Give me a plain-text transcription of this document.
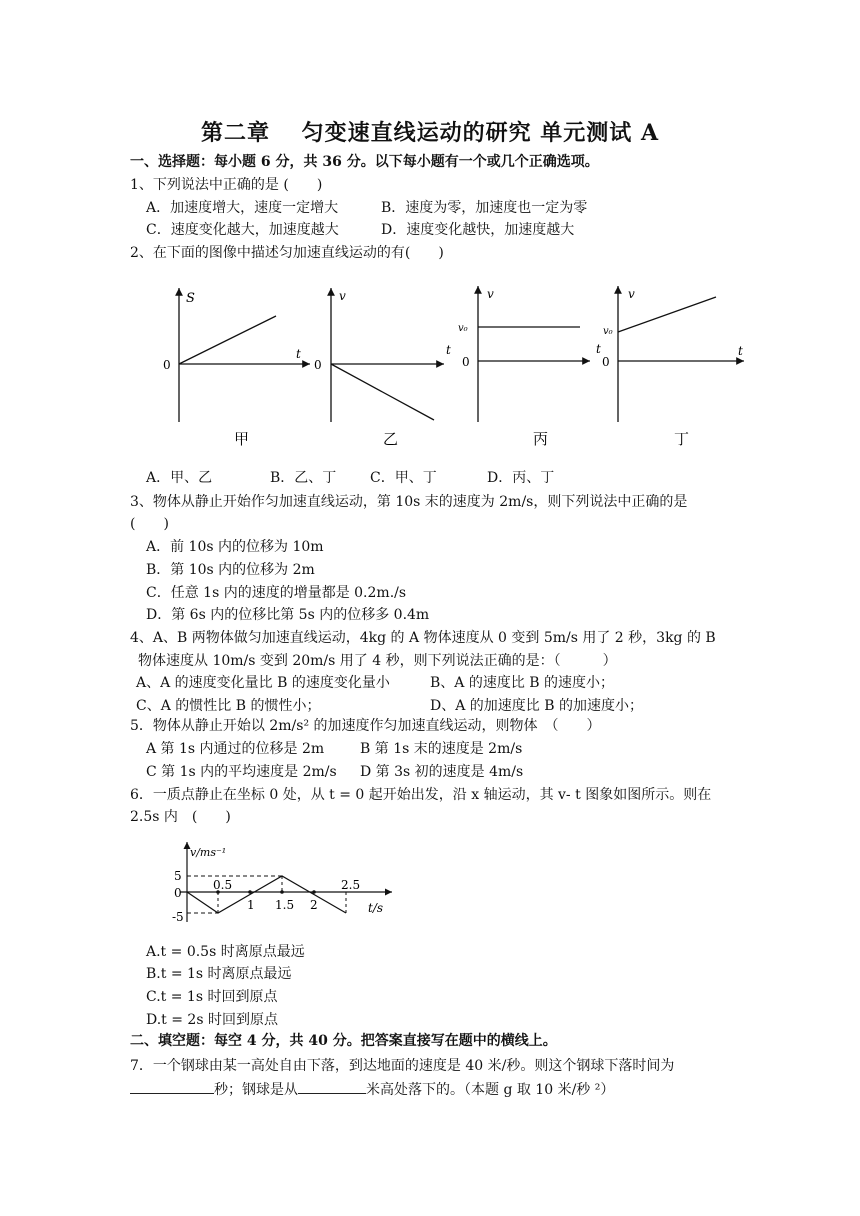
第二章　 匀变速直线运动的研究 单元测试 A
一、选择题：每小题 6 分，共 36 分。以下每小题有一个或几个正确选项。
1、下列说法中正确的是 (　　)
A．加速度增大，速度一定增大	B．速度为零，加速度也一定为零
C．速度变化越大，加速度越大	D．速度变化越快，加速度越大
2、在下面的图像中描述匀加速直线运动的有(　　)
S
t
0
甲
v
t
0
乙
v
v₀
0
丙
v
t	t
v₀
0
丁
A．甲、乙	B．乙、丁 C．甲、丁	D．丙、丁
3、物体从静止开始作匀加速直线运动，第 10s 末的速度为 2m/s，则下列说法中正确的是
(　　)
A．前 10s 内的位移为 10m
B．第 10s 内的位移为 2m
C．任意 1s 内的速度的增量都是 0.2m./s
D．第 6s 内的位移比第 5s 内的位移多 0.4m
4、A、B 两物体做匀加速直线运动，4kg 的 A 物体速度从 0 变到 5m/s 用了 2 秒，3kg 的 B
物体速度从 10m/s 变到 20m/s 用了 4 秒，则下列说法正确的是：（　　　）
A、A 的速度变化量比 B 的速度变化量小	B、A 的速度比 B 的速度小；
C、A 的惯性比 B 的惯性小；	D、A 的加速度比 B 的加速度小；
5．物体从静止开始以 2m/s² 的加速度作匀加速直线运动，则物体　（　　）
A 第 1s 内通过的位移是 2m	B 第 1s 末的速度是 2m/s
C 第 1s 内的平均速度是 2m/s D 第 3s 初的速度是 4m/s
6．一质点静止在坐标 0 处，从 t = 0 起开始出发，沿 x 轴运动，其 v- t 图象如图所示。则在
2.5s 内　(　　)
v/ms⁻¹
5
0
-5
0.5
1 1.5 2
2.5
t/s
A.t = 0.5s 时离原点最远
B.t = 1s 时离原点最远
C.t = 1s 时回到原点
D.t = 2s 时回到原点
二、填空题：每空 4 分，共 40 分。把答案直接写在题中的横线上。
7．一个钢球由某一高处自由下落，到达地面的速度是 40 米/秒。则这个钢球下落时间为
秒；钢球是从	米高处落下的。（本题 g 取 10 米/秒 ²）
